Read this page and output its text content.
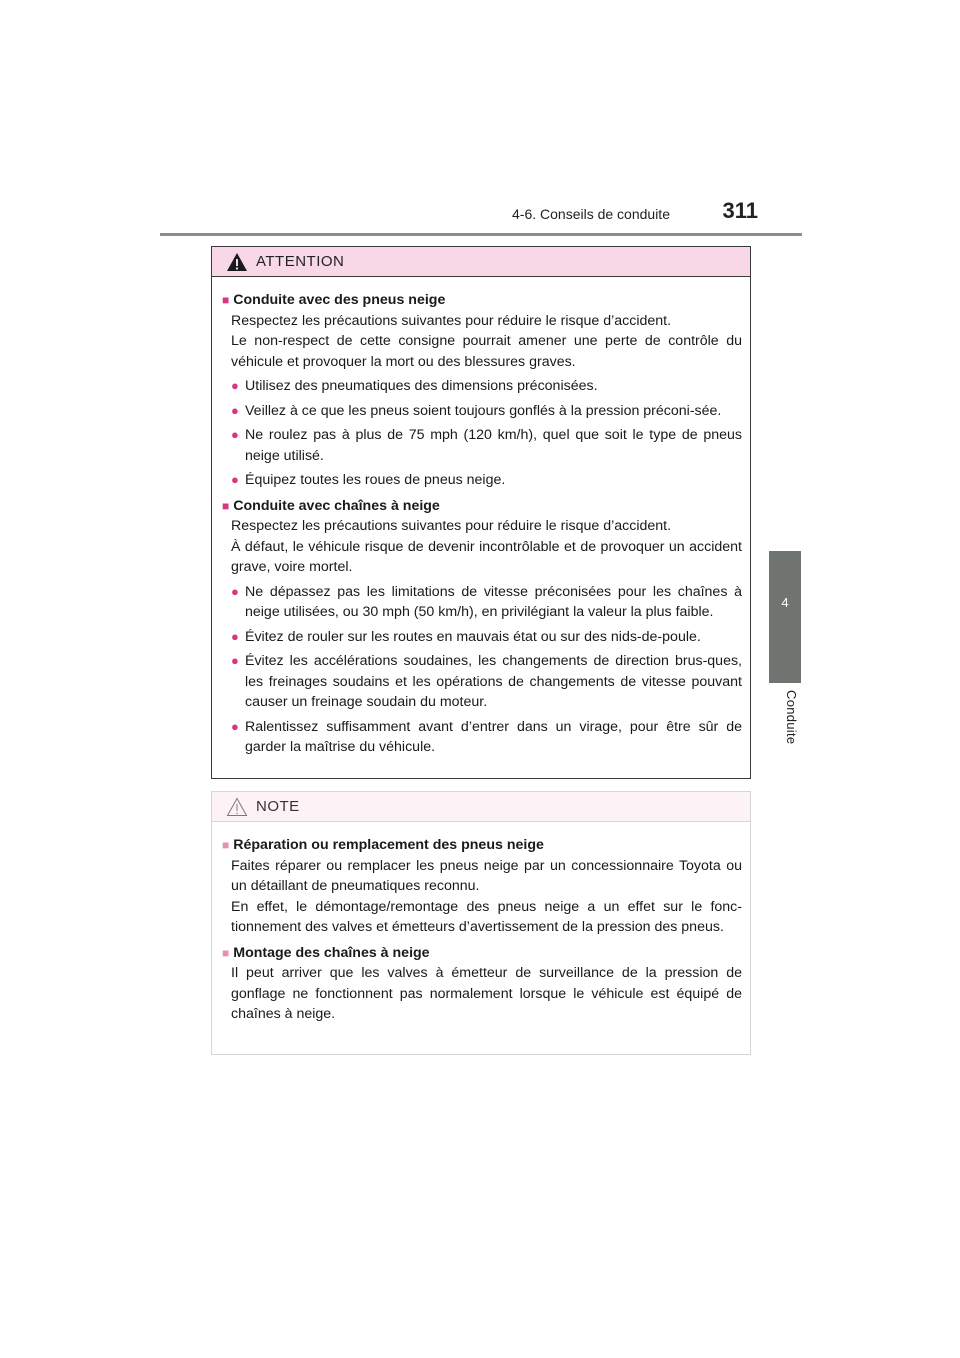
4-6. Conseils de conduite 311
4
Conduite
ATTENTION
■ Conduite avec des pneus neige
Respectez les précautions suivantes pour réduire le risque d’accident.
Le non-respect de cette consigne pourrait amener une perte de contrôle du véhicule et provoquer la mort ou des blessures graves.
● Utilisez des pneumatiques des dimensions préconisées.
● Veillez à ce que les pneus soient toujours gonflés à la pression préconi-sée.
● Ne roulez pas à plus de 75 mph (120 km/h), quel que soit le type de pneus neige utilisé.
● Équipez toutes les roues de pneus neige.
■ Conduite avec chaînes à neige
Respectez les précautions suivantes pour réduire le risque d’accident.
À défaut, le véhicule risque de devenir incontrôlable et de provoquer un accident grave, voire mortel.
● Ne dépassez pas les limitations de vitesse préconisées pour les chaînes à neige utilisées, ou 30 mph (50 km/h), en privilégiant la valeur la plus faible.
● Évitez de rouler sur les routes en mauvais état ou sur des nids-de-poule.
● Évitez les accélérations soudaines, les changements de direction brus-ques, les freinages soudains et les opérations de changements de vitesse pouvant causer un freinage soudain du moteur.
● Ralentissez suffisamment avant d’entrer dans un virage, pour être sûr de garder la maîtrise du véhicule.
NOTE
■ Réparation ou remplacement des pneus neige
Faites réparer ou remplacer les pneus neige par un concessionnaire Toyota ou un détaillant de pneumatiques reconnu.
En effet, le démontage/remontage des pneus neige a un effet sur le fonc-tionnement des valves et émetteurs d’avertissement de la pression des pneus.
■ Montage des chaînes à neige
Il peut arriver que les valves à émetteur de surveillance de la pression de gonflage ne fonctionnent pas normalement lorsque le véhicule est équipé de chaînes à neige.
